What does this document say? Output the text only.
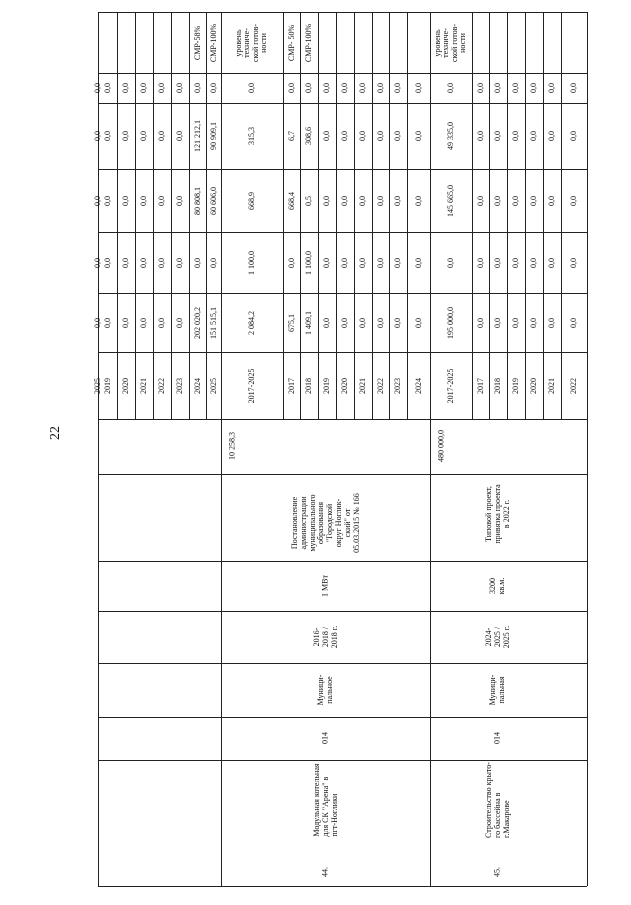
22
44.
Модульная котельная
для СК "Арена" в
пгт-Ноглики
014
Муници-
пальное
2016-
2018 /
2018 г.
1 МВт
Постановление
администрации
муниципального
образования
"Городской
округ Ноглик-
ский" от
05.03.2015 № 166
10 258,3
45.
Строительство крыто-
го бассейна в
г.Макарове
014
Муници-
пальная
2024-
2025 /
2025 г.
3200
кв.м.
Типовой проект,
привязка проекта
в 2022 г.
480 000,0
2019
0,0
0,0
0,0
0,0
0,0
2020
0,0
0,0
0,0
0,0
0,0
2021
0,0
0,0
0,0
0,0
0,0
2022
0,0
0,0
0,0
0,0
0,0
2023
0,0
0,0
0,0
0,0
0,0
2024
202 020,2
0,0
80 808,1
121 212,1
0,0
СМР-58%
2025
151 515,1
0,0
60 606,0
90 909,1
0,0
СМР-100%
2017-2025
2 084,2
1 100,0
668,9
315,3
0,0
уровень
техниче-
ской готов-
ности
2017
675,1
0,0
668,4
6,7
0,0
СМР- 50%
2018
1 409,1
1 100,0
0,5
308,6
0,0
СМР-100%
2019
0,0
0,0
0,0
0,0
0,0
2020
0,0
0,0
0,0
0,0
0,0
2021
0,0
0,0
0,0
0,0
0,0
2022
0,0
0,0
0,0
0,0
0,0
2023
0,0
0,0
0,0
0,0
0,0
2024
0,0
0,0
0,0
0,0
0,0
2025
0,0
0,0
0,0
0,0
0,0
2017-2025
195 000,0
0,0
145 665,0
49 335,0
0,0
уровень
техниче-
ской готов-
ности
2017
0,0
0,0
0,0
0,0
0,0
2018
0,0
0,0
0,0
0,0
0,0
2019
0,0
0,0
0,0
0,0
0,0
2020
0,0
0,0
0,0
0,0
0,0
2021
0,0
0,0
0,0
0,0
0,0
2022
0,0
0,0
0,0
0,0
0,0
